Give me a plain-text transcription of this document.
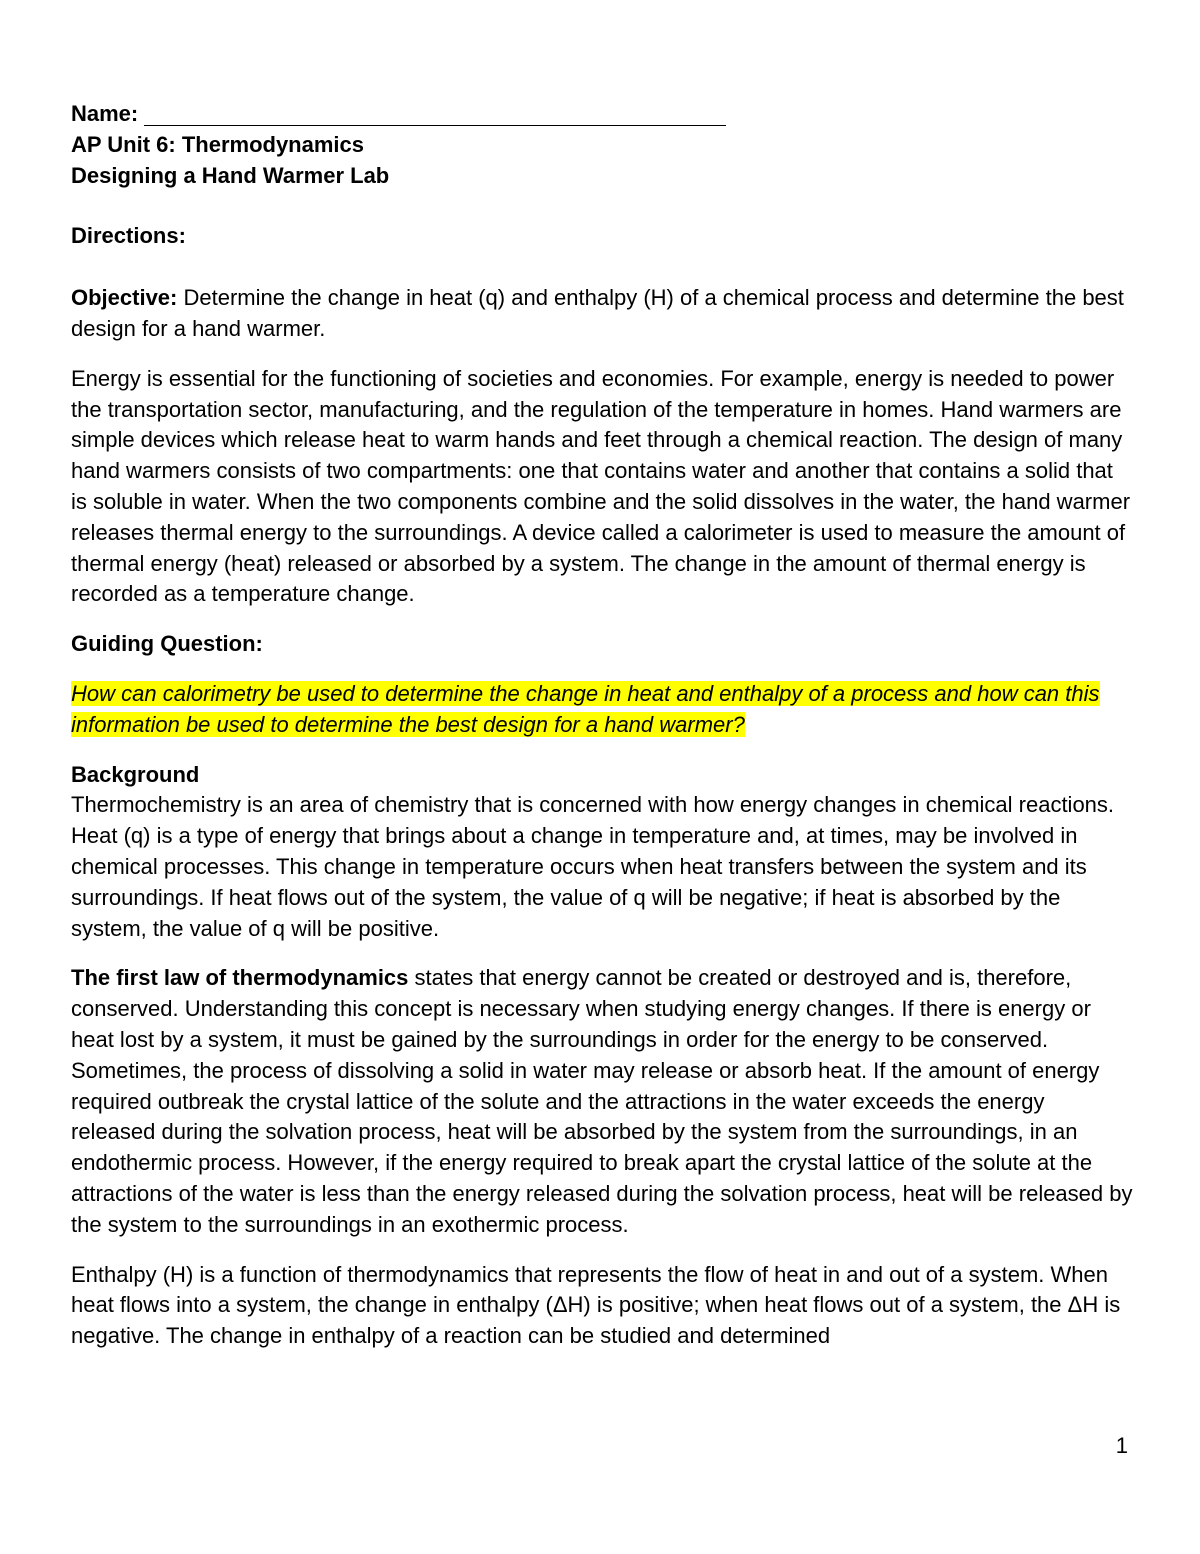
Name:
AP Unit 6: Thermodynamics
Designing a Hand Warmer Lab
Directions:
Objective: Determine the change in heat (q) and enthalpy (H) of a chemical process and determine the best design for a hand warmer.
Energy is essential for the functioning of societies and economies. For example, energy is needed to power the transportation sector, manufacturing, and the regulation of the temperature in homes. Hand warmers are simple devices which release heat to warm hands and feet through a chemical reaction. The design of many hand warmers consists of two compartments: one that contains water and another that contains a solid that is soluble in water. When the two components combine and the solid dissolves in the water, the hand warmer releases thermal energy to the surroundings. A device called a calorimeter is used to measure the amount of thermal energy (heat) released or absorbed by a system. The change in the amount of thermal energy is recorded as a temperature change.
Guiding Question:
How can calorimetry be used to determine the change in heat and enthalpy of a process and how can this information be used to determine the best design for a hand warmer?
Background
Thermochemistry is an area of chemistry that is concerned with how energy changes in chemical reactions. Heat (q) is a type of energy that brings about a change in temperature and, at times, may be involved in chemical processes. This change in temperature occurs when heat transfers between the system and its surroundings. If heat flows out of the system, the value of q will be negative; if heat is absorbed by the system, the value of q will be positive.
The first law of thermodynamics states that energy cannot be created or destroyed and is, therefore, conserved. Understanding this concept is necessary when studying energy changes. If there is energy or heat lost by a system, it must be gained by the surroundings in order for the energy to be conserved. Sometimes, the process of dissolving a solid in water may release or absorb heat. If the amount of energy required outbreak the crystal lattice of the solute and the attractions in the water exceeds the energy released during the solvation process, heat will be absorbed by the system from the surroundings, in an endothermic process. However, if the energy required to break apart the crystal lattice of the solute at the attractions of the water is less than the energy released during the solvation process, heat will be released by the system to the surroundings in an exothermic process.
Enthalpy (H) is a function of thermodynamics that represents the flow of heat in and out of a system. When heat flows into a system, the change in enthalpy (ΔH) is positive; when heat flows out of a system, the ΔH is negative. The change in enthalpy of a reaction can be studied and determined
1
